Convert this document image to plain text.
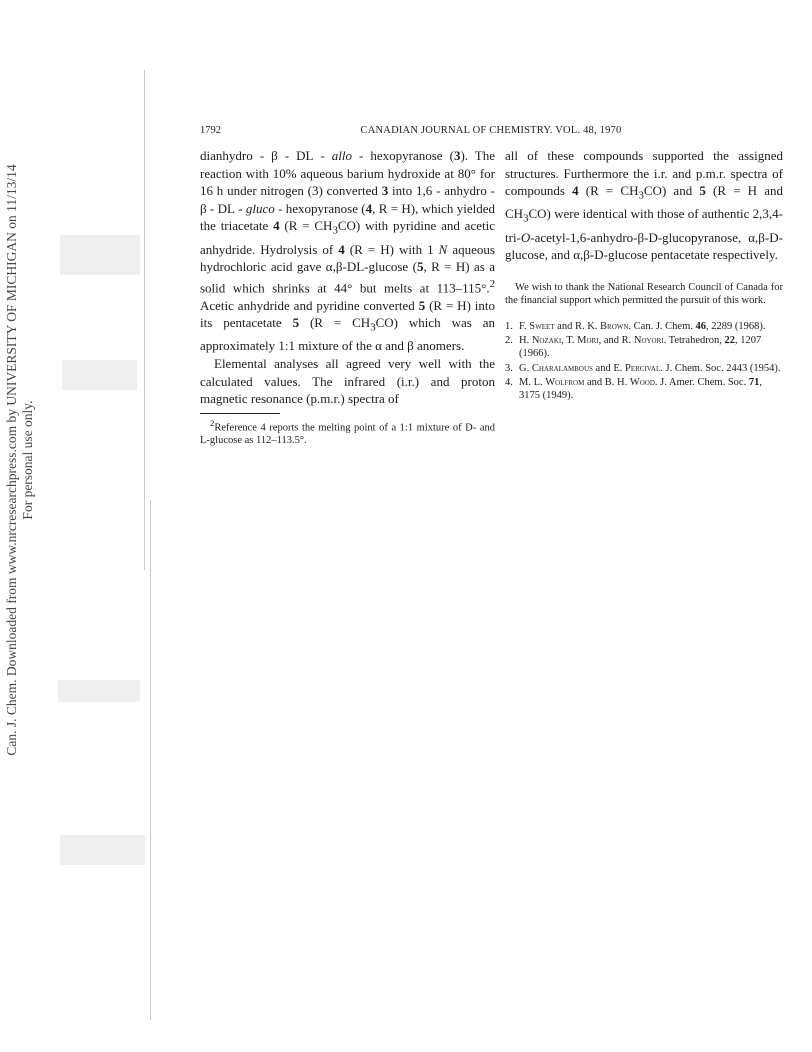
Can. J. Chem. Downloaded from www.nrcresearchpress.com by UNIVERSITY OF MICHIGAN on 11/13/14 For personal use only.
1792	CANADIAN JOURNAL OF CHEMISTRY. VOL. 48, 1970

dianhydro - β - DL - allo - hexopyranose (3). The reaction with 10% aqueous barium hydroxide at 80° for 16 h under nitrogen (3) converted 3 into 1,6 - anhydro - β - DL - gluco - hexopyranose (4, R = H), which yielded the triacetate 4 $(R = CH_3CO)$ with pyridine and acetic anhydride. Hydrolysis of 4 (R = H) with 1 N aqueous hydrochloric acid gave α,β-DL-glucose (5, R = H) as a solid which shrinks at 44° but melts at 113–115°.$^2$ Acetic anhydride and pyridine converted 5 (R = H) into its pentacetate 5 $(R = CH_3CO)$ which was an approximately 1:1 mixture of the α and β anomers.

Elemental analyses all agreed very well with the calculated values. The infrared (i.r.) and proton magnetic resonance (p.m.r.) spectra of

$^2$Reference 4 reports the melting point of a 1:1 mixture of D- and L-glucose as 112–113.5°.

all of these compounds supported the assigned structures. Furthermore the i.r. and p.m.r. spectra of compounds 4 $(R = CH_3CO)$ and 5 (R = H and $CH_3CO$) were identical with those of authentic 2,3,4-tri-O-acetyl-1,6-anhydro-β-D-glucopyranose, α,β-D-glucose, and α,β-D-glucose pentacetate respectively.

We wish to thank the National Research Council of Canada for the financial support which permitted the pursuit of this work.

1. F. Sweet and R. K. Brown. Can. J. Chem. 46, 2289 (1968).
2. H. Nozaki, T. Mori, and R. Noyori. Tetrahedron, 22, 1207 (1966).
3. G. Charalambous and E. Percival. J. Chem. Soc. 2443 (1954).
4. M. L. Wolfrom and B. H. Wood. J. Amer. Chem. Soc. 71, 3175 (1949).
